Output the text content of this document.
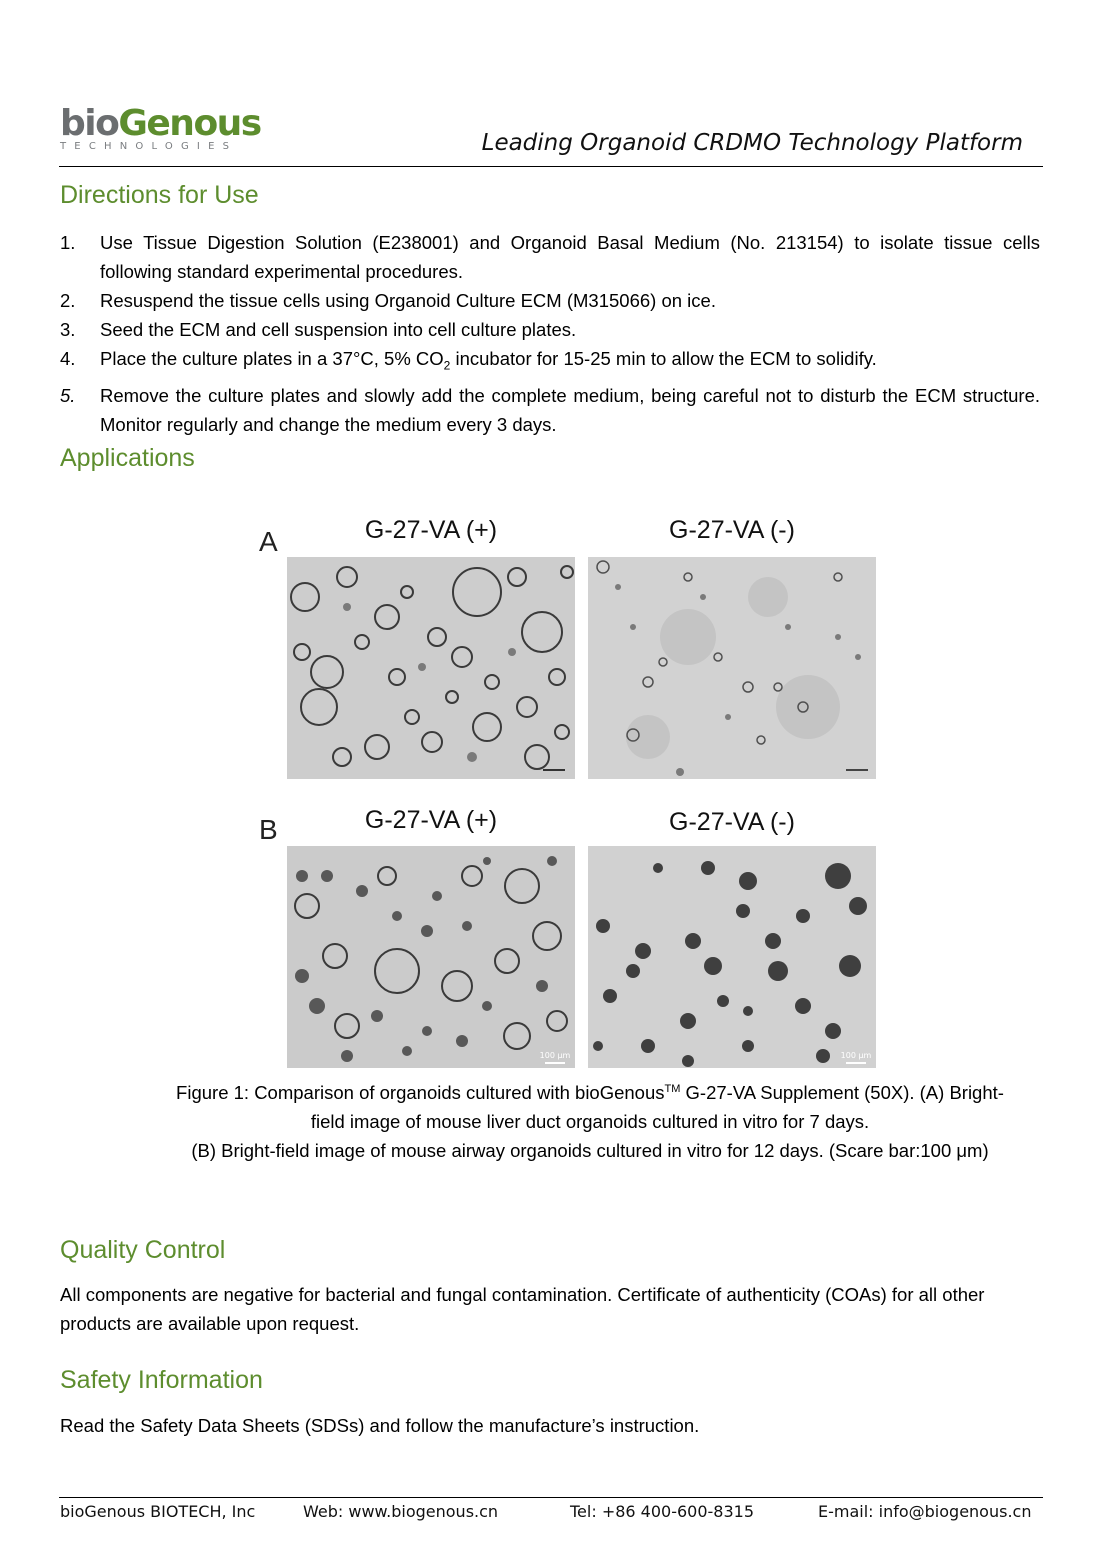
bioGenous
TECHNOLOGIES	Leading Organoid CRDMO Technology Platform
Directions for Use
1. Use Tissue Digestion Solution (E238001) and Organoid Basal Medium (No. 213154) to isolate tissue cells following standard experimental procedures.
2. Resuspend the tissue cells using Organoid Culture ECM (M315066) on ice.
3. Seed the ECM and cell suspension into cell culture plates.
4. Place the culture plates in a 37°C, 5% $CO_2$ incubator for 15-25 min to allow the ECM to solidify.
5. Remove the culture plates and slowly add the complete medium, being careful not to disturb the ECM structure. Monitor regularly and change the medium every 3 days.
Applications
A	G-27-VA (+)	G-27-VA (-)
B	G-27-VA (+)	G-27-VA (-)
100 μm	100 μm
Figure 1: Comparison of organoids cultured with bioGenous™ G-27-VA Supplement (50X). (A) Bright-
field image of mouse liver duct organoids cultured in vitro for 7 days.
(B) Bright-field image of mouse airway organoids cultured in vitro for 12 days. (Scare bar:100 μm)
Quality Control
All components are negative for bacterial and fungal contamination. Certificate of authenticity (COAs) for all other products are available upon request.
Safety Information
Read the Safety Data Sheets (SDSs) and follow the manufacture’s instruction.
bioGenous BIOTECH, Inc	Web: www.biogenous.cn	Tel: +86 400-600-8315	E-mail: info@biogenous.cn
